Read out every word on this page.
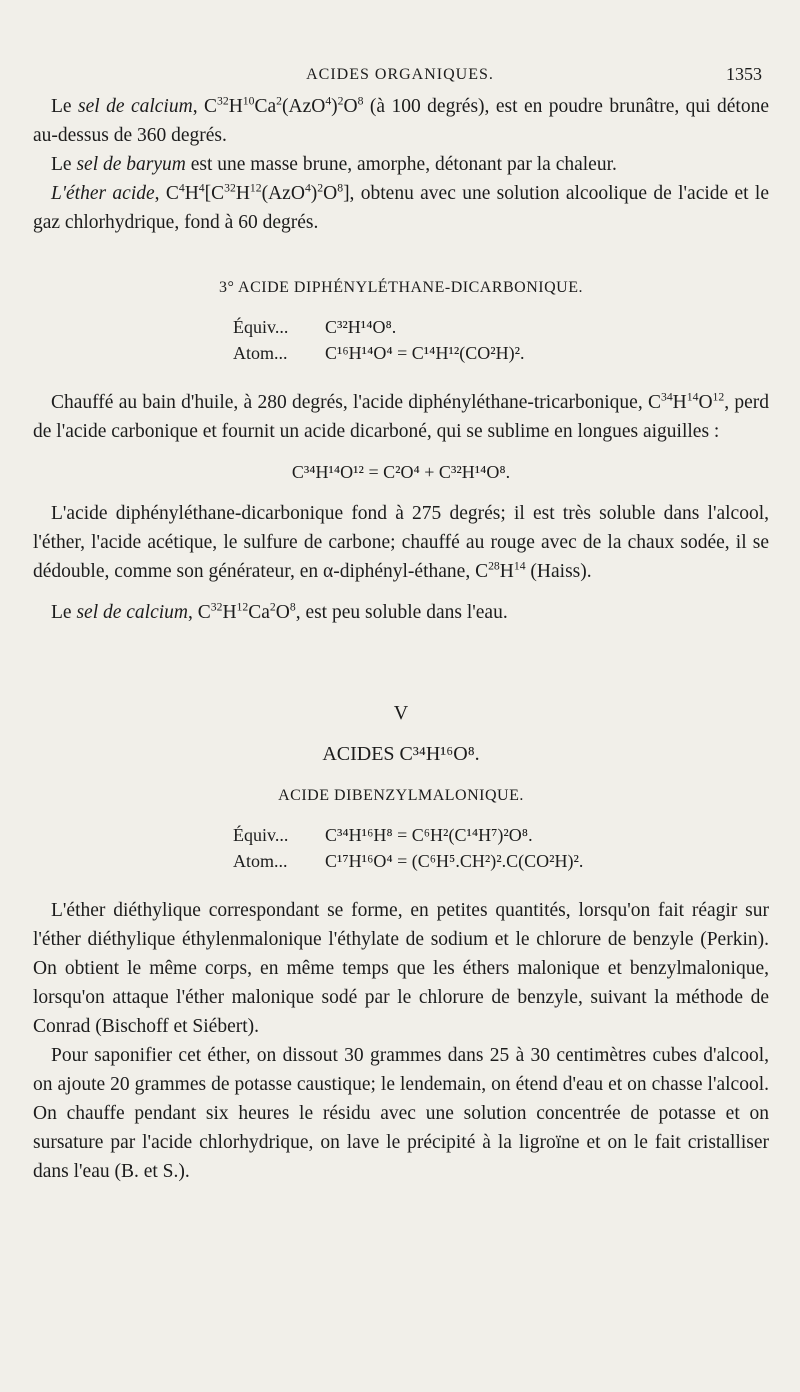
ACIDES ORGANIQUES.	1353

Le sel de calcium, $C^{32}H^{10}Ca^2(AzO^4)^2O^8$ (à 100 degrés), est en poudre brunâtre, qui détone au-dessus de 360 degrés.

Le sel de baryum est une masse brune, amorphe, détonant par la chaleur.

L'éther acide, $C^4H^4[C^{32}H^{12}(AzO^4)^2O^8]$, obtenu avec une solution alcoolique de l'acide et le gaz chlorhydrique, fond à 60 degrés.

3° ACIDE DIPHÉNYLÉTHANE-DICARBONIQUE.
Équiv... C³²H¹⁴O⁸.
Atom... C¹⁶H¹⁴O⁴ = C¹⁴H¹²(CO²H)².

Chauffé au bain d'huile, à 280 degrés, l'acide diphényléthane-tricarbonique, $C^{34}H^{14}O^{12}$, perd de l'acide carbonique et fournit un acide dicarboné, qui se sublime en longues aiguilles :

C³⁴H¹⁴O¹² = C²O⁴ + C³²H¹⁴O⁸.

L'acide diphényléthane-dicarbonique fond à 275 degrés; il est très soluble dans l'alcool, l'éther, l'acide acétique, le sulfure de carbone; chauffé au rouge avec de la chaux sodée, il se dédouble, comme son générateur, en α-diphényl-éthane, $C^{28}H^{14}$ (Haiss).

Le sel de calcium, $C^{32}H^{12}Ca^2O^8$, est peu soluble dans l'eau.

V
ACIDES C³⁴H¹⁶O⁸.
ACIDE DIBENZYLMALONIQUE.
Équiv... C³⁴H¹⁶H⁸ = C⁶H²(C¹⁴H⁷)²O⁸.
Atom... C¹⁷H¹⁶O⁴ = (C⁶H⁵.CH²)².C(CO²H)².

L'éther diéthylique correspondant se forme, en petites quantités, lorsqu'on fait réagir sur l'éther diéthylique éthylenmalonique l'éthylate de sodium et le chlorure de benzyle (Perkin). On obtient le même corps, en même temps que les éthers malonique et benzylmalonique, lorsqu'on attaque l'éther malonique sodé par le chlorure de benzyle, suivant la méthode de Conrad (Bischoff et Siébert).

Pour saponifier cet éther, on dissout 30 grammes dans 25 à 30 centimètres cubes d'alcool, on ajoute 20 grammes de potasse caustique; le lendemain, on étend d'eau et on chasse l'alcool. On chauffe pendant six heures le résidu avec une solution concentrée de potasse et on sursature par l'acide chlorhydrique, on lave le précipité à la ligroïne et on le fait cristalliser dans l'eau (B. et S.).
